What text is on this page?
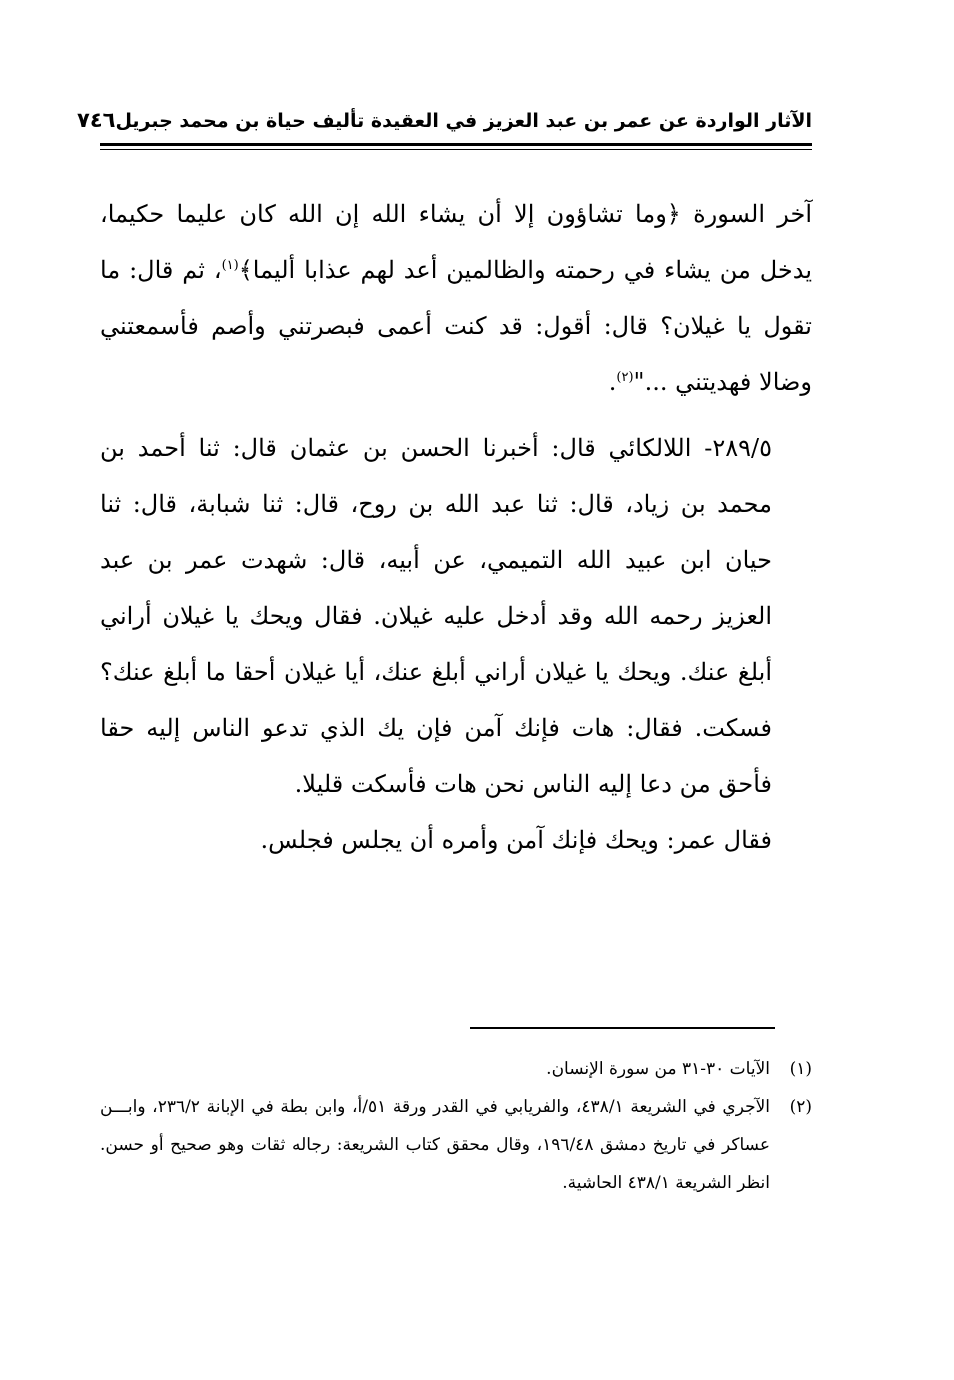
الآثار الواردة عن عمر بن عبد العزيز في العقيدة تأليف حياة بن محمد جبريل
٧٤٦

آخر السورة ﴿وما تشاؤون إلا أن يشاء الله إن الله كان عليما حكيما، يدخل من يشاء في رحمته والظالمين أعد لهم عذابا أليما﴾$^{(١)}$، ثم قال: ما تقول يا غيلان؟ قال: أقول: قد كنت أعمى فبصرتني وأصم فأسمعتني وضالا فهديتني ..."$^{(٢)}$.

٢٨٩/٥- اللالكائي قال: أخبرنا الحسن بن عثمان قال: ثنا أحمد بن محمد بن زياد، قال: ثنا عبد الله بن روح، قال: ثنا شبابة، قال: ثنا حيان ابن عبيد الله التميمي، عن أبيه، قال: شهدت عمر بن عبد العزيز رحمه الله وقد أدخل عليه غيلان. فقال ويحك يا غيلان أراني أبلغ عنك. ويحك يا غيلان أراني أبلغ عنك، أيا غيلان أحقا ما أبلغ عنك؟ فسكت. فقال: هات فإنك آمن فإن يك الذي تدعو الناس إليه حقا فأحق من دعا إليه الناس نحن هات فأسكت قليلا.

فقال عمر: ويحك فإنك آمن وأمره أن يجلس فجلس.

(١)
الآيات ٣٠-٣١ من سورة الإنسان.
(٢)
الآجري في الشريعة ٤٣٨/١، والفريابي في القدر ورقة ٥١/أ، وابن بطة في الإبانة ٢٣٦/٢، وابـــن عساكر في تاريخ دمشق ١٩٦/٤٨، وقال محقق كتاب الشريعة: رجاله ثقات وهو صحيح أو حسن. انظر الشريعة ٤٣٨/١ الحاشية.
